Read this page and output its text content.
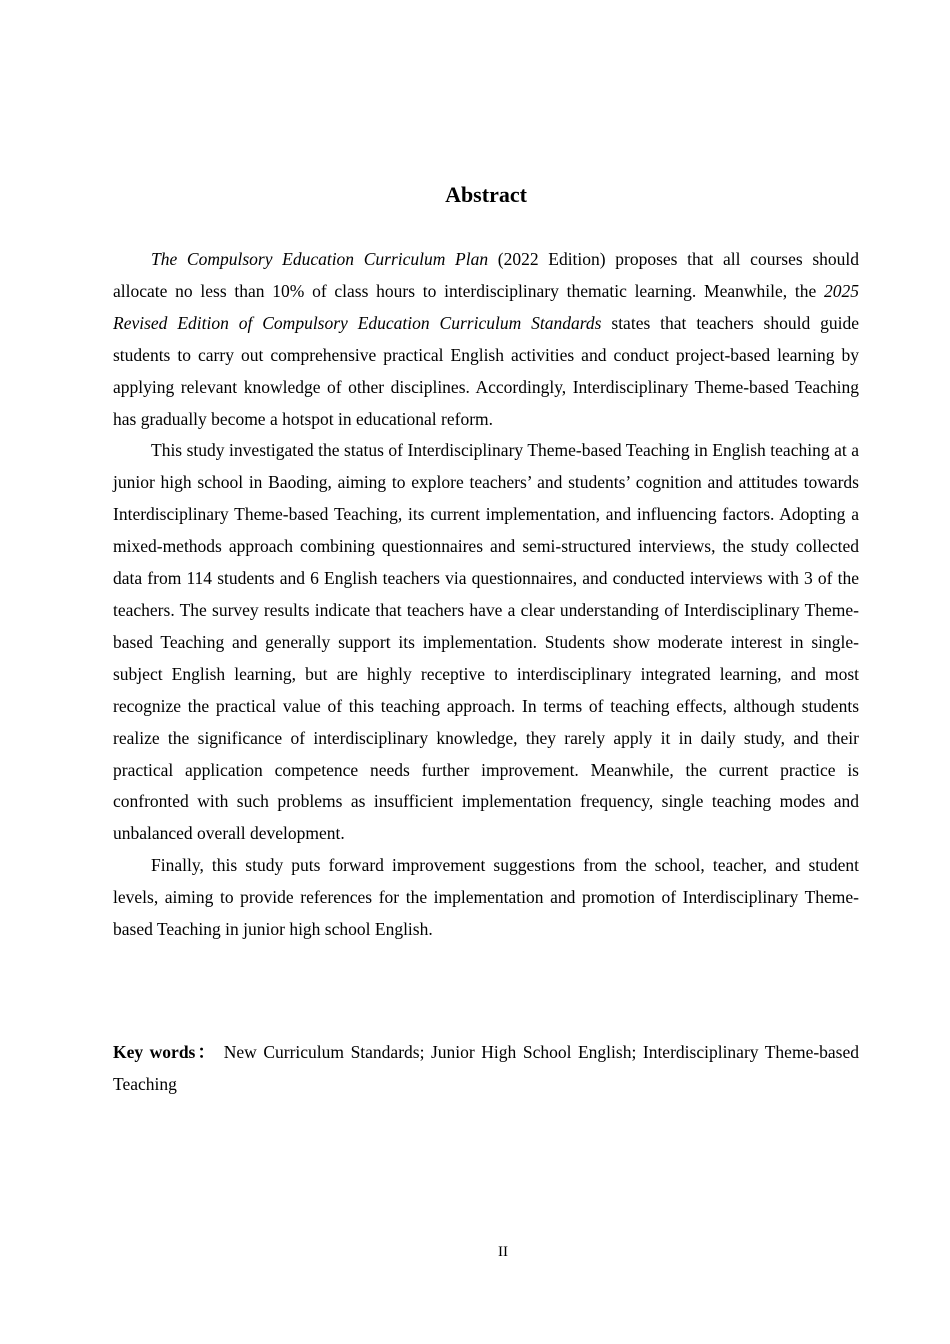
Abstract

The Compulsory Education Curriculum Plan (2022 Edition) proposes that all courses should allocate no less than 10% of class hours to interdisciplinary thematic learning. Meanwhile, the 2025 Revised Edition of Compulsory Education Curriculum Standards states that teachers should guide students to carry out comprehensive practical English activities and conduct project-based learning by applying relevant knowledge of other disciplines. Accordingly, Interdisciplinary Theme-based Teaching has gradually become a hotspot in educational reform.

This study investigated the status of Interdisciplinary Theme-based Teaching in English teaching at a junior high school in Baoding, aiming to explore teachers’ and students’ cognition and attitudes towards Interdisciplinary Theme-based Teaching, its current implementation, and influencing factors. Adopting a mixed-methods approach combining questionnaires and semi-structured interviews, the study collected data from 114 students and 6 English teachers via questionnaires, and conducted interviews with 3 of the teachers. The survey results indicate that teachers have a clear understanding of Interdisciplinary Theme-based Teaching and generally support its implementation. Students show moderate interest in single-subject English learning, but are highly receptive to interdisciplinary integrated learning, and most recognize the practical value of this teaching approach. In terms of teaching effects, although students realize the significance of interdisciplinary knowledge, they rarely apply it in daily study, and their practical application competence needs further improvement. Meanwhile, the current practice is confronted with such problems as insufficient implementation frequency, single teaching modes and unbalanced overall development.

Finally, this study puts forward improvement suggestions from the school, teacher, and student levels, aiming to provide references for the implementation and promotion of Interdisciplinary Theme-based Teaching in junior high school English.

Key words： New Curriculum Standards; Junior High School English; Interdisciplinary Theme-based Teaching

II
